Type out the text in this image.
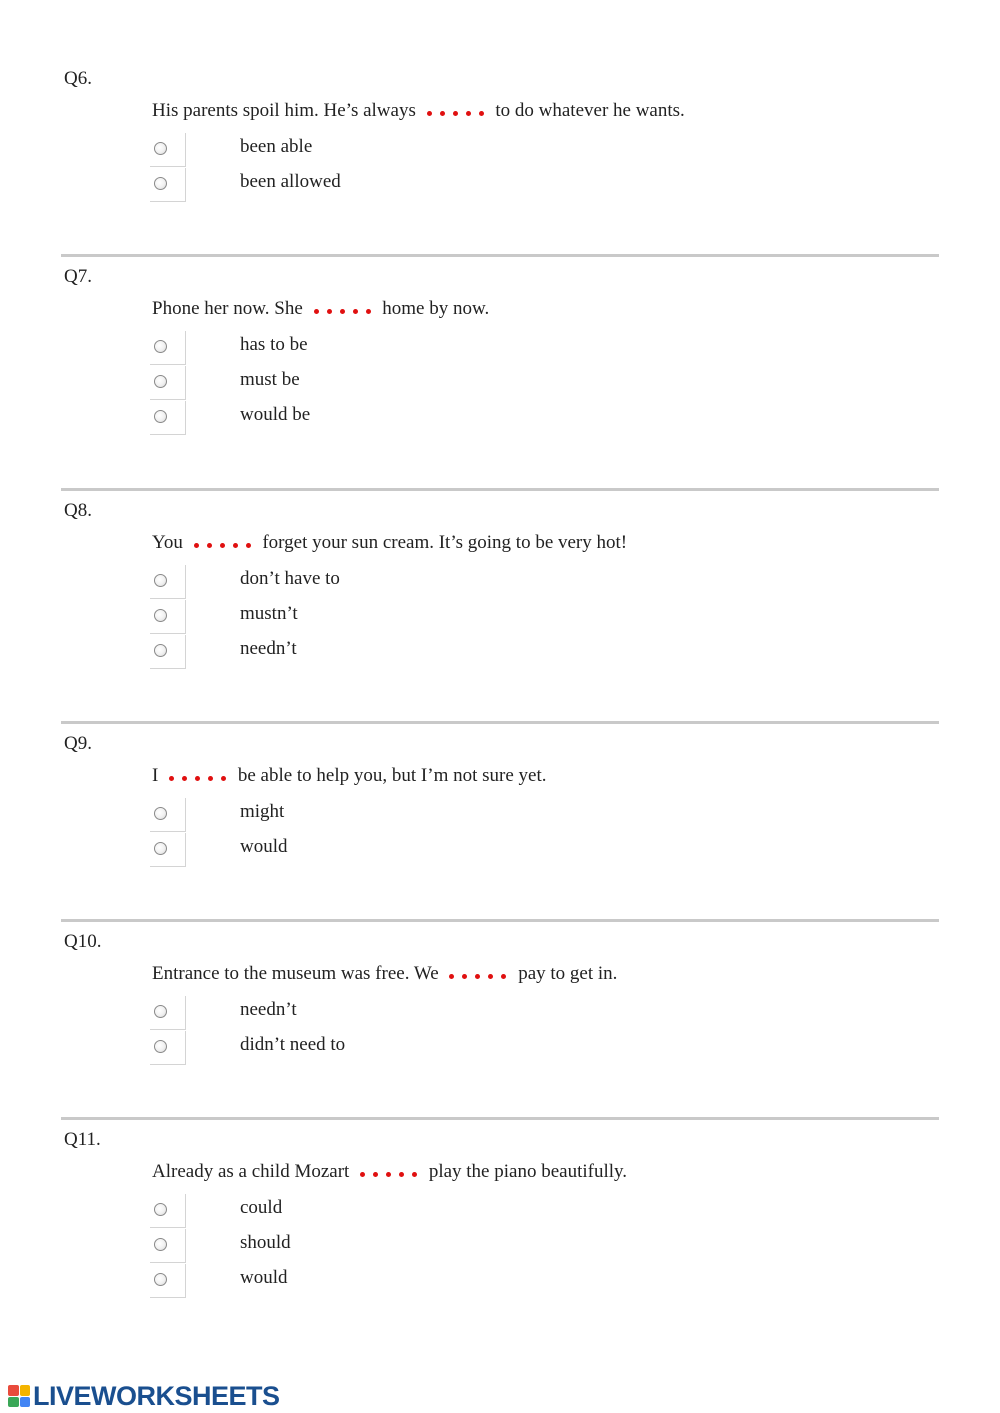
Q6.
His parents spoil him. He’s always	to do whatever he wants.
been able
been allowed
Q7.
Phone her now. She	home by now.
has to be
must be
would be
Q8.
You	forget your sun cream. It’s going to be very hot!
don’t have to
mustn’t
needn’t
Q9.
I	be able to help you, but I’m not sure yet.
might
would
Q10.
Entrance to the museum was free. We	pay to get in.
needn’t
didn’t need to
Q11.
Already as a child Mozart	play the piano beautifully.
could
should
would
LIVEWORKSHEETS
